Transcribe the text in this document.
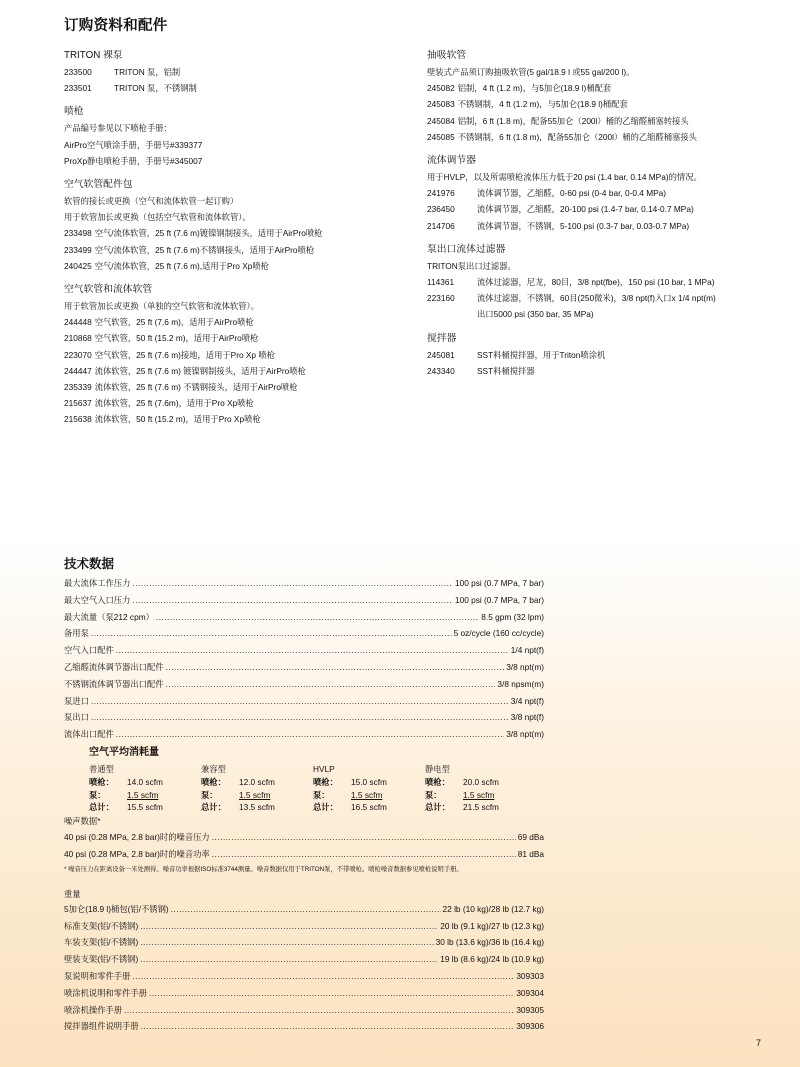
订购资料和配件
TRITON 裸泵
233500	TRITON 泵，铝制
233501	TRITON 泵，不锈钢制
喷枪
产品编号参见以下喷枪手册：
AirPro空气喷涂手册，手册号#339377
ProXp静电喷枪手册，手册号#345007
空气软管配件包
软管的接长或更换（空气和流体软管一起订购）
用于软管加长或更换（包括空气软管和流体软管）。
233498 空气/流体软管，25 ft (7.6 m)镀镍钢制接头，适用于AirPro喷枪
233499 空气/流体软管，25 ft (7.6 m)不锈钢接头，适用于AirPro喷枪
240425 空气/流体软管，25 ft (7.6 m),适用于Pro Xp喷枪
空气软管和流体软管
用于软管加长或更换（单独的空气软管和流体软管）。
244448 空气软管，25 ft (7.6 m)，适用于AirPro喷枪
210868 空气软管，50 ft (15.2 m)，适用于AirPro喷枪
223070 空气软管，25 ft (7.6 m)接地，适用于Pro Xp 喷枪
244447 流体软管，25 ft (7.6 m) 镀镍钢制接头，适用于AirPro喷枪
235339 流体软管，25 ft (7.6 m) 不锈钢接头，适用于AirPro喷枪
215637 流体软管，25 ft (7.6m)，适用于Pro Xp喷枪
215638 流体软管，50 ft (15.2 m)，适用于Pro Xp喷枪
抽吸软管
壁装式产品须订购抽吸软管(5 gal/18.9 l 或55 gal/200 l)。
245082 铝制，4 ft (1.2 m)，与5加仑(18.9 l)桶配套
245083 不锈钢制，4 ft (1.2 m)，与5加仑(18.9 l)桶配套
245084 铝制，6 ft (1.8 m)，配备55加仑（200l）桶的乙缩醛桶塞转接头
245085 不锈钢制，6 ft (1.8 m)，配备55加仑（200l）桶的乙缩醛桶塞接头
流体调节器
用于HVLP，以及所需喷枪流体压力低于20 psi (1.4 bar, 0.14 MPa)的情况。
241976	流体调节器，乙缩醛，0-60 psi (0-4 bar, 0-0.4 MPa)
236450	流体调节器，乙缩醛，20-100 psi (1.4-7 bar, 0.14-0.7 MPa)
214706	流体调节器，不锈钢，5-100 psi (0.3-7 bar, 0.03-0.7 MPa)
泵出口流体过滤器
TRITON泵出口过滤器。
114361	流体过滤器，尼龙，80目，3/8 npt(fbe)，150 psi (10 bar, 1 MPa)
223160	流体过滤器，不锈钢，60目(250微米)，3/8 npt(f)入口x 1/4 npt(m)
出口5000 psi (350 bar, 35 MPa)
搅拌器
245081	SST料桶搅拌器，用于Triton喷涂机
243340	SST料桶搅拌器
技术数据
最大流体工作压力 .....	100 psi (0.7 MPa, 7 bar)
最大空气入口压力 .....	100 psi (0.7 MPa, 7 bar)
最大流量（泵212 cpm） .....	8.5 gpm (32 lpm)
备用泵 .....	5 oz/cycle (160 cc/cycle)
空气入口配件 .....	1/4 npt(f)
乙缩醛流体调节器出口配件 .....	3/8 npt(m)
不锈钢流体调节器出口配件 .....	3/8 npsm(m)
泵进口 .....	3/4 npt(f)
泵出口 .....	3/8 npt(f)
流体出口配件 .....	3/8 npt(m)
空气平均消耗量
普通型
喷枪：	14.0 scfm
泵：	1.5 scfm
总计：	15.5 scfm
兼容型
喷枪：	12.0 scfm
泵：	1.5 scfm
总计：	13.5 scfm
HVLP
喷枪：	15.0 scfm
泵：	1.5 scfm
总计：	16.5 scfm
静电型
喷枪：	20.0 scfm
泵：	1.5 scfm
总计：	21.5 scfm
噪声数据*
40 psi (0.28 MPa, 2.8 bar)时的噪音压力 .....	69 dBa
40 psi (0.28 MPa, 2.8 bar)时的噪音功率 .....	81 dBa
* 噪音压力在距离设备一米处测得。噪音功率根据ISO标准3744测量。噪音数据仅用于TRITON泵，不带喷枪。喷枪噪音数据参见喷枪说明手册。
重量
5加仑(18.9 l)桶包(铝/不锈钢) .....	22 lb (10 kg)/28 lb (12.7 kg)
标准支架(铝/不锈钢) .....	20 lb (9.1 kg)/27 lb (12.3 kg)
车装支架(铝/不锈钢) .....	30 lb (13.6 kg)/36 lb (16.4 kg)
壁装支架(铝/不锈钢) .....	19 lb (8.6 kg)/24 lb (10.9 kg)
泵说明和零件手册 .....	309303
喷涂机说明和零件手册 .....	309304
喷涂机操作手册 .....	309305
搅拌器组件说明手册 .....	309306
7
